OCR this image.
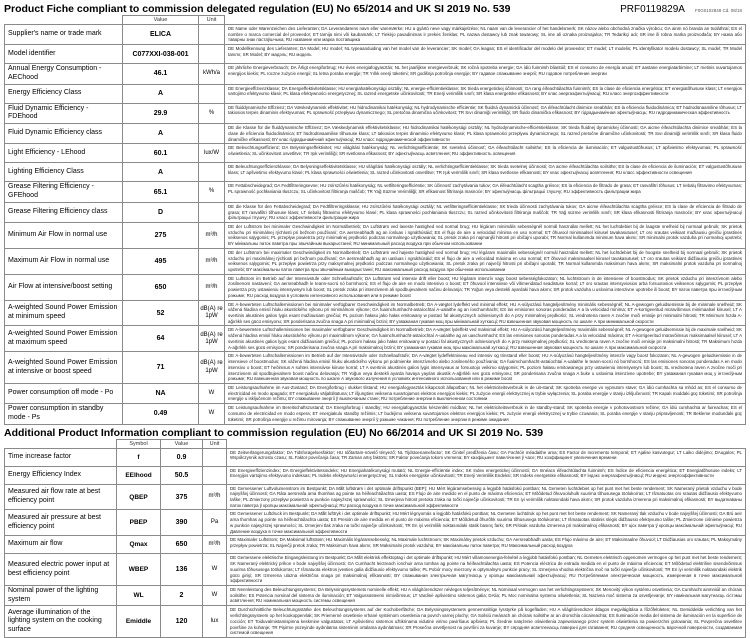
Product Fiche compliant to commission delegated regulation (EU) No 65/2014 and UK SI 2019 No. 539	PRF0119829A F0G0102848 Cd. 08/18
	Value	Unit	
Supplier's name or trade mark	ELICA		DE Name oder Warenzeichen des Lieferanten; DA Leverandørens navn eller varemærke; HU a gyártó neve vagy márkajelzése; NL naam van de leverancier of het handelsmerk; SK názov alebo obchodná značka výrobcu; GA ainm nó branda an tsoláthraí; ES el nombre o marca comercial del proveedor; ET tarnija nimi või kaubamärk; LT Tiekėjo pavadinimas ir prekės ženklas; PL nazwa dostawcy lub znak towarowy; SL ime ali oznaka proizvajalca; TR Tedarikçi adı; SR ime ili robna marka proizvođača; BY назва або таварны знак пастаўшчыка; RU название или марка поставщика
Model identifier	C077XXI-038-001		DE Modellkennung des Lieferanten; DA Model; HU model; NL typeaanduiding van het model van de leverancier; SK model; GA leagan; ES el identificador del modelo del proveedor; ET mudel; LT modelis; PL identyfikator modelu dostawcy; SL model; TR Model tanımı; SR Model; BY мадэль; RU модель
Annual Energy Consumption - AEChood	46.1	kWh/a	DE jährliche Energieverbrauch; DA Årligt energiforbrug; HU éves energiafogyasztás; NL het jaarlijkse energieverbruik; SK ročná spotreba energie; GA ídiú fuinnimh bliantúil; ES el consumo de energía anual; ET aastane energiatarbimine; LT metinis suvartojamos energijos kiekis; PL roczne zużycie energii; SL letna poraba energije; TR Yıllık enerji tüketimi; SR godišnja potrošnja energije; BY гадавое спажыванне энергіі; RU годовое потребление энергии
Energy Efficiency Class	A		DE Energieeffizienzklasse; DA Energieffektivitetsklasse; HU energiahatékonysági osztály; NL energie-efficiëntieklasse; SK trieda energetickej účinnosti; GA rang éifeachtúlachta fuinnimh; ES la clase de eficiencia energética; ET energiatõhususe klass; LT energijos vartojimo efektyvumo klasė; PL klasa efektywności energetycznej; SL razred energetske učinkovitosti; TR Enerji verimlilik sınıfı; SR klasa energetske efikasnosti; BY клас энергаэфектыўнасці; RU класс энергоэффективности
Fluid Dynamic Efficiency - FDEhood	29.9	%	DE fluiddynamische Effizienz; DA Væskedynamisk effektivitet; HU hidrodinamikai hatékonyság; NL hydrodynamische efficiëntie; SK fluidná dynamická účinnosť; GA éifeachtúlacht dinimice sreabhán; ES la eficiencia fluidodinámica; ET hüdrodünaamiline tõhusus; LT takiosios terpės dinaminis efektyvumas; PL sprawność przepływu dynamicznego; SL pretočna dinamična učinkovitost; TR Sıvı dinamiği verimliliği; SR fluido dinamička efikasnost; BY гідрадынамічная эфектыўнасць; RU гидродинамическая эффективность
Fluid Dynamic Efficiency class	A		DE die Klasse für die fluiddynamische Effizienz; DA Væskedynamisk effektivitetsklasse; HU hidrodinamikai hatékonysági osztály; NL hydrodynamische-efficiëntieklasse; SK trieda fluidnej dynamickej účinnosti; GA aicme éifeachtúlachta dinimice sreabhán; ES la clase de eficiencia fluidodinámica; ET hüdrodünaamilise tõhususe klass; LT takiosios terpės dinaminio efektyvumo klasė; PL klasa sprawności przepływu dynamicznego; SL razred pretočne dinamične učinkovitosti; TR Sıvı dinamiği verimlilik sınıfı; SR klasa fluido dinamičke efikasnosti; BY клас гідрадынамічнай эфектыўнасці; RU класс гидродинамической эффективности
Light Efficiency - LEhood	60.1	lux/W	DE Beleuchtungseffizienz; DA Belysningseffektivitet; HU világítási hatékonyság; NL verlichtingsefficiëntie; SK svetelná účinnosť; GA éifeachtúlacht soilsithe; ES la eficiencia de iluminación; ET valgustustõhusus; LT apšvietimo efektyvumas; PL sprawność oświetlenia; SL učinkovitost osvetlitve; TR Işık verimliliği; SR svetlosna efikasnost; BY эфектыўнасць асвятлення; RU эффективность освещения
Lighting Efficiency Class	A		DE Beleuchtungseffizienzklasse; DA Belysningseffektivitetsklasse; HU világítási hatékonysági osztály; NL verlichtingsefficiëntieklasse; SK trieda svetelnej účinnosti; GA aicme éifeachtúlachta soilsithe; ES la clase de eficiencia de iluminación; ET valgustustõhususe klass; LT apšvietimo efektyvumo klasė; PL klasa sprawności oświetlenia; SL razred učinkovitosti osvetlitve; TR Işık verimlilik sınıfı; SR klasa svetlosne efikasnosti; BY клас эфектыўнасці асвятлення; RU класс эффективности освещения
Grease Filtering Efficiency - GFEhood	65.1	%	DE Fettabscheidegrad; DA Fedtfiltreringsevne; HU zsírszűrési hatékonyság; NL vetfilteringsefficiëntie; SK účinnosť zachytávania tukov; GA éifeachtúlacht scagtha gréisce; ES la eficiencia de filtrado de grasa; ET rasvafiltri tõhusus; LT riebalų filtravimo efektyvumas; PL sprawność pochłaniania tłuszczu; SL učinkovitost filtriranja maščob; TR Yağ Süzme Verimliliği; SR efikasnost filtriranja masnoće; BY эфектыўнасць фільтрацыі тлушчу; RU эффективность фильтрации жира
Grease Filtering Efficiency class	D		DE die Klasse für den Fettabscheidegrad; DA Fedtfiltreringsklasse; HU zsírszűrési hatékonysági osztály; NL vetfilteringsefficiëntieklasse; SK trieda účinnosti zachytávania tukov; GA aicme éifeachtúlachta scagtha gréisce; ES la clase de eficiencia de filtrado de grasa; ET rasvafiltri tõhususe klass; LT riebalų filtravimo efektyvumo klasė; PL klasa sprawności pochłaniania tłuszczu; SL razred učinkovitosti filtriranja maščob; TR Yağ süzme verimlilik sınıfı; SR klasa efikasnosti filtriranja masnoće; BY клас эфектыўнасці фільтрацыі тлушчу; RU класс эффективности фильтрации жира
Minimum Air Flow in normal use	275	m³/h	DE der Luftstrom bei minimaler Geschwindigkeit im Normalbetrieb; DA Luftstrøm ved laveste hastighed ved normal brug; HU légáram minimális sebességnél normál használat mellett; NL het luchtdebiet bij de laagste snelheid bij normaal gebruik; SK prietok vzduchu pri minimálnej rýchlosti pri bežnom používaní; GA aersreabhadh ag an íosluas i ngnáthúsáid; ES el flujo de aire a velocidad mínima en uso normal; ET õhuvool minimaalsel kiirusel tavakasutusel; LT oro srautas veikiant mažiausiu greičiu įprastinės veiksenos sąlygomis; PL przepływ powietrza przy minimalnej prędkości podczas normalnego użytkowania; SL pretok zraka pri najmanjši hitrosti pri običajni uporabi; TR Normal kullanımda minimum hava akımı; SR minimalni protok vazduha pri normalnoj upotrebi; BY мінімальны паток паветра пры звычайным выкарыстанні; RU минимальный расход воздуха при обычном использовании
Maximum Air Flow in normal use	495	m³/h	DE der Luftstrom bei maximaler Geschwindigkeit im Normalbetrieb; DA Luftstrøm ved højeste hastighed ved normal brug; HU légáram maximális sebességnél normál használat mellett; NL het luchtdebiet bij de hoogste snelheid bij normaal gebruik; SK prietok vzduchu pri maximálnej rýchlosti pri bežnom používaní; GA aersreabhadh ag an uasluas i ngnáthúsáid; ES el flujo de aire a velocidad máxima en uso normal; ET õhuvool maksimaalsel kiirusel tavakasutusel; LT oro srautas veikiant didžiausiu greičiu įprastinės veiksenos sąlygomis; PL przepływ powietrza przy maksymalnej prędkości podczas normalnego użytkowania; SL pretok zraka pri največji hitrosti pri običajni uporabi; TR Normal kullanımda maksimum hava akımı; SR maksimalni protok vazduha pri normalnoj upotrebi; BY максімальны паток паветра пры звычайным выкарыстанні; RU максимальный расход воздуха при обычном использовании
Air Flow at intensive/boost setting	650	m³/h	DE Luftstrom im Betrieb auf der Intensivstufe oder Schnellaufstufe; DA Luftstrøm ved intensiv drift eller boost; HU légáram intenzív vagy boost sebességfokozaton; NL luchtstroom in de intensieve of boostmodus; SK prietok vzduchu pri intenzívnom alebo zosilnenom nastavení; GA aersreabhadh le teann-socrú nó borrshocrú; ES el flujo de aire en modo intensivo o boost; ET õhuvool intensiivse või võimendatud seadistuse korral; LT oro srautas intensyviosios arba forsuotosios veiksenos sąlygomis; PL przepływ powietrza przy ustawieniu intensywnym lub boost; SL pretok zraka pri intenzivnem ali spodbujevalnem načinu delovanja; TR Yoğun veya destekli ayardaki hava akımı; SR protok vazduha u uslovima intenzivne upotrebe ili boost; BY паток паветра пры інтэнсіўным рэжыме; RU расход воздуха в условиях интенсивного использования или в режиме boost
A-weighted Sound Power Emission at minimum speed	52	dB(A) re 1pW	DE A-bewerteten Luftschallemissionen bei minimaler verfügbarer Geschwindigkeit im Normalbetrieb; DA A-vægtet lydeffekt ved minimal effekt; HU A-súlyozású hangteljesítmény minimális sebességnél; NL A-gewogen geluidsemissie bij de minimale snelheid; SK vážená hladina emisií hluku akustického výkonu pri minimálnom výkone; GA fuaimchumhacht-astaíochtaí A-ualaithe ag an íoschumhacht; ES las emisiones sonoras ponderadas A a la velocidad mínima; ET A-korrigeeritud müravõimsus minimaalsel kiirusel; LT A svertinis akustinės galios lygis esant mažiausiam greičiui; PL poziom hałasu jako hałas emitowany w postaci fal akustycznych odniesionych do A przy minimalnej prędkości; SL vrednotena raven A zvočne moči emisije pri minimalni hitrosti; TR Minimum hızda A-ağırlıklı ses gücü emisyonu; SR ponderisana zvučna snaga A pri minimalnoj brzini; BY узважаная гукавая моц пры мінімальнай хуткасці; RU взвешенная звуковая мощность по шкале A при минимальной скорости
A-weighted Sound Power Emission at maximum speed	64	dB(A) re 1pW	DE A-bewerteten Luftschallemissionen bei maximaler verfügbarer Geschwindigkeit im Normalbetrieb; DA A-vægtet lydeffekt ved maksimal effekt; HU A-súlyozású hangteljesítmény maximális sebességnél; NL A-gewogen geluidsemissie bij de maximale snelheid; SK vážená hladina emisií hluku akustického výkonu pri maximálnom výkone; GA fuaimchumhacht-astaíochtaí A-ualaithe ag an uaschumhacht; ES las emisiones sonoras ponderadas A a la velocidad máxima; ET A-korrigeeritud müravõimsus maksimaalsel kiirusel; LT A svertinis akustinės galios lygis esant didžiausiam greičiui; PL poziom hałasu jako hałas emitowany w postaci fal akustycznych odniesionych do A przy maksymalnej prędkości; SL vrednotena raven A zvočne moči emisije pri maksimalni hitrosti; TR Maksimum hızda A-ağırlıklı ses gücü emisyonu; SR ponderisana zvučna snaga A pri maksimalnoj brzini; BY узважаная гукавая моц пры максімальнай хуткасці; RU взвешенная звуковая мощность по шкале A при максимальной скорости
A-weighted Sound Power Emission at intensive or boost speed	71	dB(A) re 1pW	DE A-bewerteten Luftschallemissionen im Betrieb auf der Intensivstufe oder Schnellaufstufe; DA A-vægtet lydeffektniveau ved intensiv og trinstand eller boost; HU A-súlyozású hangteljesítmény intenzív vagy boost fokozaton; NL A-gewogen geluidsemissie in de intensieve of boostmodus; SK vážená hladina emisií hluku akustického výkonu pri podmienke intenzívneho alebo zosilneného používania; GA fuaimchumhacht-astaíochtaí A-ualaithe le teann-socrú nó borrshocrú; ES las emisiones sonoras ponderadas A en modo intensivo o boost; ET heõimsus A suhtes intensiivse kiiruse korral; LT A svertinis akustinės galios lygis intensyvaus ar forsuotojo veikimo sąlygomis; PL poziom hałasu emitowanego przy ustawieniu intensywnym lub boost; SL vrednotena raven A zvočne moči pri intenzivnem ali spodbujevalnem boost načinu delovanja; TR Yoğun veya destekli ayarda havaya yayılan akustik A-ağırlıklı ses gücü emisyonu; SR ponderisana zvučna snaga A buke u uslovima intenzivne upotrebe; BY узважаная гукавая моц у інтэнсіўным рэжыме; RU взвешенная звуковая мощность по шкале A звукового излучения в условиях интенсивного использования или в режиме boost
Power consumption off mode - Po	NA	W	DE Leistungsaufnahme im Aus-Zustand; DA Energiforbrug i slukket tilstand; HU energiafogyasztás kikapcsolt állapotban; NL het elektriciteitsverbruik in de uit-stand; SK spotreba energie vo vypnutom stave; GA ídiú cumhachta sa mhód as; ES el consumo de electricidad en modo apagado; ET energiakulu väljalülitatuna; LT išjungties veiksena suvartojamos elektros energijos kiekis; PL zużycie energii elektrycznej w trybie wyłączenia; SL poraba energije v stanju izključenosti; TR Kapalı moddaki güç tüketimi; SR potrošnja energije u isključenom režimu; BY спажыванне энергіі ў выключаным стане; RU потребление энергии в выключенном состоянии
Power consumption in standby mode - Ps	0.49	W	DE Leistungsaufnahme im Bereitschaftszustand; DA Energiforbrug i standby; HU energiafogyasztás készenléti módban; NL het elektriciteitsverbruik in de standby-stand; SK spotreba energie v pohotovostnom režime; GA ídiú cumhachta ar fuireachas; ES el consumo de electricidad en modo espera; ET energiakulu standby režiimis; LT budėjimo veiksena suvartojamos elektros energijos kiekis; PL zużycie energii elektrycznej w trybie czuwania; SL poraba energije v stanju pripravljenosti; TR Bekleme modundaki güç tüketimi; SR potrošnja energije u režimu mirovanja; BY спажыванне энергіі ў рэжыме чакання; RU потребление энергии в режиме ожидания
Additional Product Information compliant to commission regulation (EU) No 66/2014 and UK SI 2019 No. 539
	Symbol	Value	Unit	
Time increase factor	f	0.9		DE Zeitverlängerungsfaktor; DA Tidsforøgelsesfaktor; HU Időtartam-növelő tényező; NL Tijdstoenamefactor; SK Činiteľ predĺženia času; GA Fachtóir méadaithe ama; ES Factor de incremento temporal; ET Ajalise kasvutegur; LT Laiko didėjimo; DAugalos; PL Współczynnik wzrostu czasu; SL Faktor povečanja časa; TR Zaman artış faktörü; SR Faktor povećanja tokom vremena; BY каэфіцыент павелічэння ў часе; RU коэффициент увеличения времени
Energy Efficiency Index	EEIhood	50.5		DE Energieeffizienzindex; DA Energieffektivitetsindeks; HU Energiahatékonysági mutató; NL Energie-efficiëntie index; SK Index energetickej účinnosti; GA Innéacs éifeachtúlachta fuinnimh; ES Índice de eficiencia energética; ET Energiatõhususe indeks; LT Energijos vartojimo efektyvumo indeksas; PL Indeks efektywności energetycznej; SL Indeks energijske učinkovitosti; TR Enerji Verimlilik Endeksi; SR Indeks energetske efikasnosti; BY індэкс энергаэфектыўнасці; RU индекс энергоэффективности
Measured air flow rate at best efficiency point	QBEP	375	m³/h	DE Gemessener Luftvolumenstrom im Bestpunkt; DA Målt luftstrøm i det optimale driftspunkt (BEP); HU Mért légáramsebesség a legjobb hatásfokú pontban; NL Gemeten luchtdebiet op het punt met het beste rendement; SK Nameraný prietok vzduchu v bode najvyššej účinnosti; GA Ráta aersreafa arna thomhas ag pointe na héifeachtúlachta uasta; ES Flujo de aire medido en el punto de máxima eficiencia; ET Mõõdetud õhuvooluhulk suurima tõhususega töölukorras; LT Išmatuotas oro srautas didžiausio efektyvumo taške; PL Zmierzony przepływ powietrza w punkcie najwyższej sprawności; SL Izmerjena hitrost pretoka zraka na točki največje učinkovitosti; TR En iyi verimlilik noktasındaki hava akımı; SR protok vazduha izmerena pri maksimalnoj efikasnosti; BY выдаткаваны паток паветра ў кропцы максімальнай эфектыўнасці; RU расход воздуха в точке максимальной эффективности
Measured air pressure at best efficiency point	PBEP	390	Pa	DE Gemessener Luftdruck im Bestpunkt; DA Målt lufttryk i det optimale driftspunkt; HU Mért légnyomás a legjobb hatásfokú pontban; NL Gemeten luchtdruk op het punt met het beste rendement; SK Nameraný tlak vzduchu v bode najvyššej účinnosti; GA Brú aeir arna thomhas ag pointe na héifeachtúlachta uasta; ES Presión de aire medida en el punto de máxima eficiencia; ET Mõõdetud õhurõhk suurima tõhususega töölukorras; LT Išmatuotas statinis slėgis didžiausio efektyvumo taške; PL Zmierzone ciśnienie powietrza w punkcie najwyższej sprawności; SL Izmerjeni tlak zraka na točki največje učinkovitosti; TR En iyi verimlilik noktasındaki statik basınç farkı; SR Pritisak vazduha izmerena pri maksimalnoj efikasnosti; BY ціск паветра ў кропцы максімальнай эфектыўнасці; RU Давление воздуха в точке максимальной эффективности
Maximum air flow	Qmax	650	m³/h	DE Maximaler Luftstrom; DA Maksimal luftstrøm; HU Maximális légáramsebesség; NL Maximale luchtstroom; SK Maximálny prietok vzduchu; GA Aersreabhadh uasta; ES Flujo máximo de aire; ET Maksimaalne õhuvool; LT Didžiausias oro srautas; PL Maksymalny przepływ powietrza; SL Največji pretok zraka; TR Maksimum hava akımı; SR Maksimalni protok vazduha; BY максімальны паток паветра; RU Максимальный расход воздуха
Measured electric power input at best efficiency point	WBEP	136	W	DE Gemessene elektrische Eingangsleistung im Bestpunkt; DA Målt elektrisk effektoptag i det optimale driftspunkt; HU Mért villamosenergia-felvétel a legjobb hatásfokú pontban; NL Gemeten elektrisch opgenomen vermogen op het punt met het beste rendement; SK Nameraný elektrický príkon v bode najvyššej účinnosti; GA Cumhacht leictreach ionchuir arna tomhas ag pointe na héifeachtúlachta uasta; ES Potencia eléctrica de entrada medida en el punto de máxima eficiencia; ET Mõõdetud elektriline sisendvõimsus suurima tõhususega töölukorras; LT Išmatuota elektros įvesties galia didžiausio efektyvumo taške; PL Pobór mocy mierzony w optymalnym punkcie pracy; SL Izmerjena vhodna električna moč na točki največje učinkovitosti; TR En iyi verimlilik noktasındaki elektrik gücü girişi; SR Izmerena ulazna električna snaga pri maksimalnoj efikasnosti; BY спажываная электрычная магутнасць у кропцы максімальнай эфектыўнасці; RU Потребляемая электрическая мощность, измеренная в точке максимальной эффективности
Nominal power of the lighting system	WL	2	W	DE Nennleistung des Beleuchtungssystems; DA Belysningssystemets nominelle effekt; HU A világítórendszer névleges teljesítménye; NL Nominaal vermogen van het verlichtingssysteem; SK Menovitý výkon systému osvetlenia; GA Cumhacht ainmniúil an chórais soilsithe; ES Potencia nominal del sistema de iluminación; ET Valgussüsteemi nimivõimsus; LT Vardinė apšvietimo sistemos galia; DAlia; PL Moc nominalna systemu oświetlenia; SL Nazivna moč sistema za osvetljevanje; BY намінальная магутнасць сістэмы асвятлення; RU номинальная мощность системы освещения
Average illumination of the lighting system on the cooking surface	Emiddle	120	lux	DE Durchschnittliche Beleuchtungsstärke des Beleuchtungssystems auf der Kochoberfläche; DA Belysningssystemets gennemsnitlige lysstyrke på kogefladen; HU A világítórendszer átlagos megvilágítása a főzőfelületen; NL Gemiddelde verlichting van het verlichtingssysteem op het kookoppervlak; SK Priemerné osvetlenie vrhané systémom osvetlenia na povrch varnej plochy; GA Soilsiú meánach an chórais soilsithe ar an dromchla cócaireachta; ES Iluminación media del sistema de iluminación en la superficie de cocción; ET Toiduvalmistamispinna keskmine valgustatus; LT Apšvietimo sistemos užtikrinama vidutinė virimo paviršiaus apšvieta; PL Średnie natężenie oświetlenia zapewnianego przez system oświetlenia na powierzchni gotowania; SL Povprečna osvetlitev površine za kuhanje; TR Pişirme yüzeyinde aydınlatma sisteminin ortalama aydınlatması; SR Prosečna osvetljenost na površini za kuvanje; BY сярэдняя асветленасць паверхні для гатавання; RU средняя освещенность варочной поверхности, создаваемая системой освещения
